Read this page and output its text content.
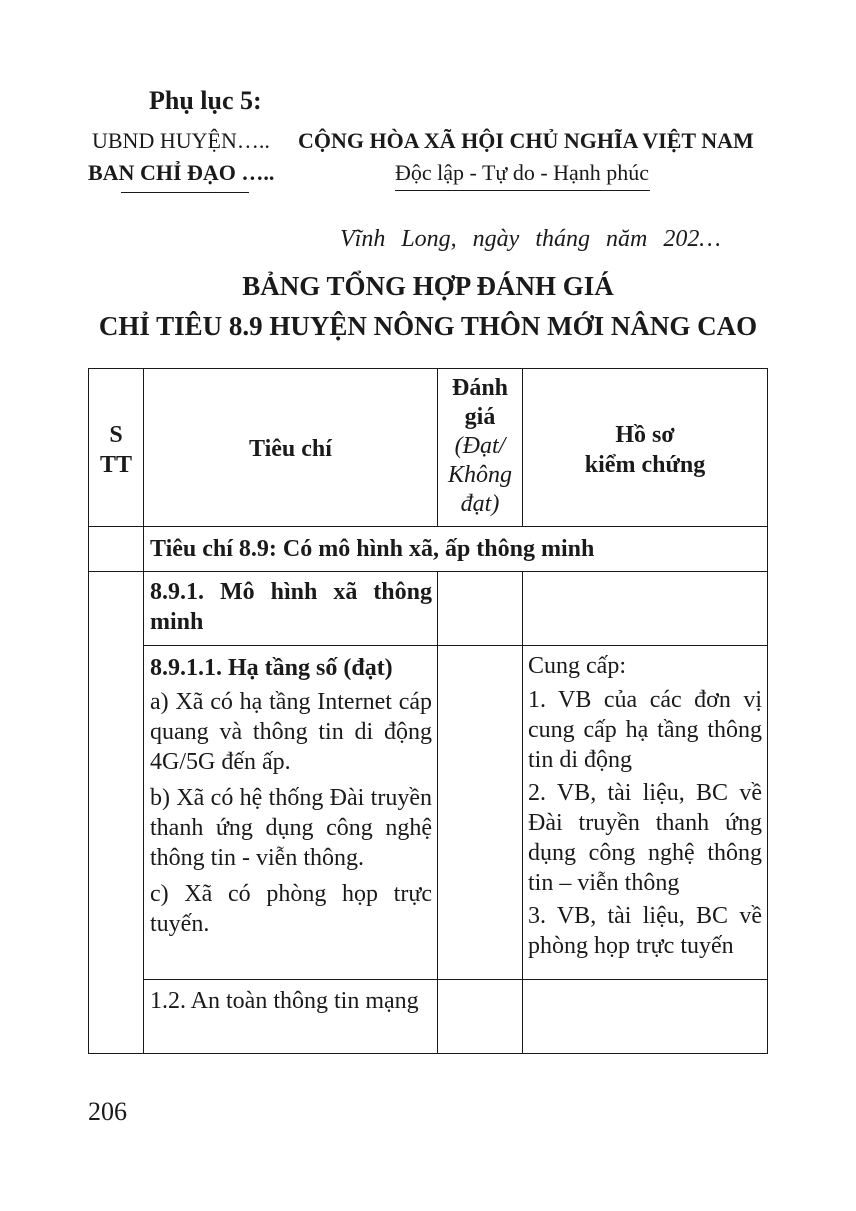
Phụ lục 5:
UBND HUYỆN…..
BAN CHỈ ĐẠO …..
CỘNG HÒA XÃ HỘI CHỦ NGHĨA VIỆT NAM
Độc lập - Tự do - Hạnh phúc
Vĩnh Long, ngày tháng năm 202…
BẢNG TỔNG HỢP ĐÁNH GIÁ
CHỈ TIÊU 8.9 HUYỆN NÔNG THÔN MỚI NÂNG CAO

S

TT

Tiêu chí

Đánh

giá

(Đạt/

Không

đạt)

Hồ sơ

kiểm chứng

Tiêu chí 8.9: Có mô hình xã, ấp thông minh
8.9.1. Mô hình xã thông minh

8.9.1.1. Hạ tầng số (đạt)

a) Xã có hạ tầng Internet cáp quang và thông tin di động 4G/5G đến ấp.

b) Xã có hệ thống Đài truyền thanh ứng dụng công nghệ thông tin - viễn thông.

c) Xã có phòng họp trực tuyến.

Cung cấp:

1. VB của các đơn vị cung cấp hạ tầng thông tin di động

2. VB, tài liệu, BC về Đài truyền thanh ứng dụng công nghệ thông tin – viễn thông

3. VB, tài liệu, BC về phòng họp trực tuyến

1.2. An toàn thông tin mạng
206
